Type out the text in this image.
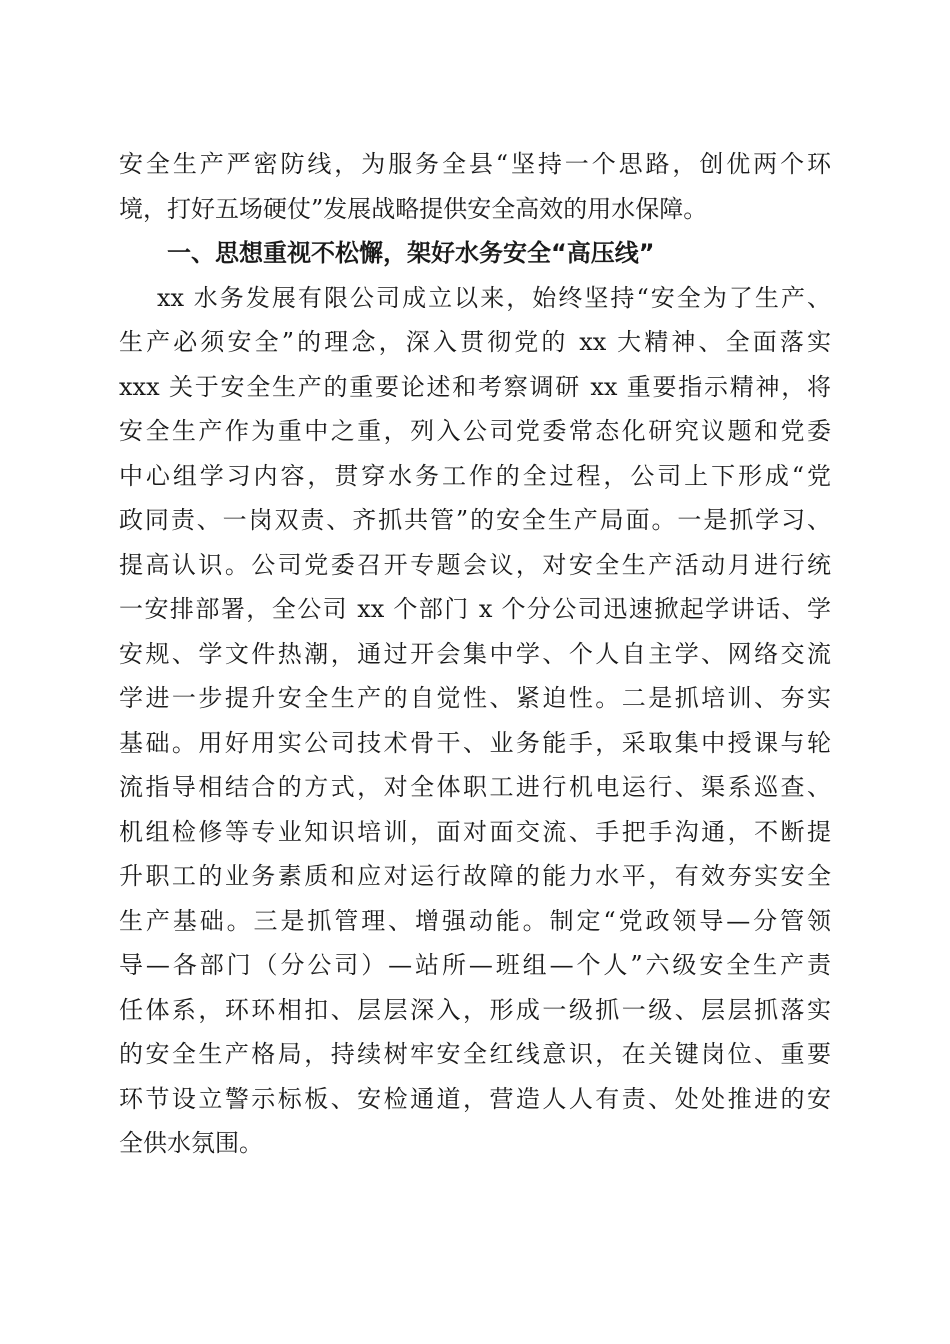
安全生产严密防线，为服务全县“坚持一个思路，创优两个环
境，打好五场硬仗”发展战略提供安全高效的用水保障。
一、思想重视不松懈，架好水务安全“高压线”
xx 水务发展有限公司成立以来，始终坚持“安全为了生产、
生产必须安全”的理念，深入贯彻党的 xx 大精神、全面落实
xxx 关于安全生产的重要论述和考察调研 xx 重要指示精神，将
安全生产作为重中之重，列入公司党委常态化研究议题和党委
中心组学习内容，贯穿水务工作的全过程，公司上下形成“党
政同责、一岗双责、齐抓共管”的安全生产局面。一是抓学习、
提高认识。公司党委召开专题会议，对安全生产活动月进行统
一安排部署，全公司 xx 个部门 x 个分公司迅速掀起学讲话、学
安规、学文件热潮，通过开会集中学、个人自主学、网络交流
学进一步提升安全生产的自觉性、紧迫性。二是抓培训、夯实
基础。用好用实公司技术骨干、业务能手，采取集中授课与轮
流指导相结合的方式，对全体职工进行机电运行、渠系巡查、
机组检修等专业知识培训，面对面交流、手把手沟通，不断提
升职工的业务素质和应对运行故障的能力水平，有效夯实安全
生产基础。三是抓管理、增强动能。制定“党政领导—分管领
导—各部门（分公司）—站所—班组—个人”六级安全生产责
任体系，环环相扣、层层深入，形成一级抓一级、层层抓落实
的安全生产格局，持续树牢安全红线意识，在关键岗位、重要
环节设立警示标板、安检通道，营造人人有责、处处推进的安
全供水氛围。
